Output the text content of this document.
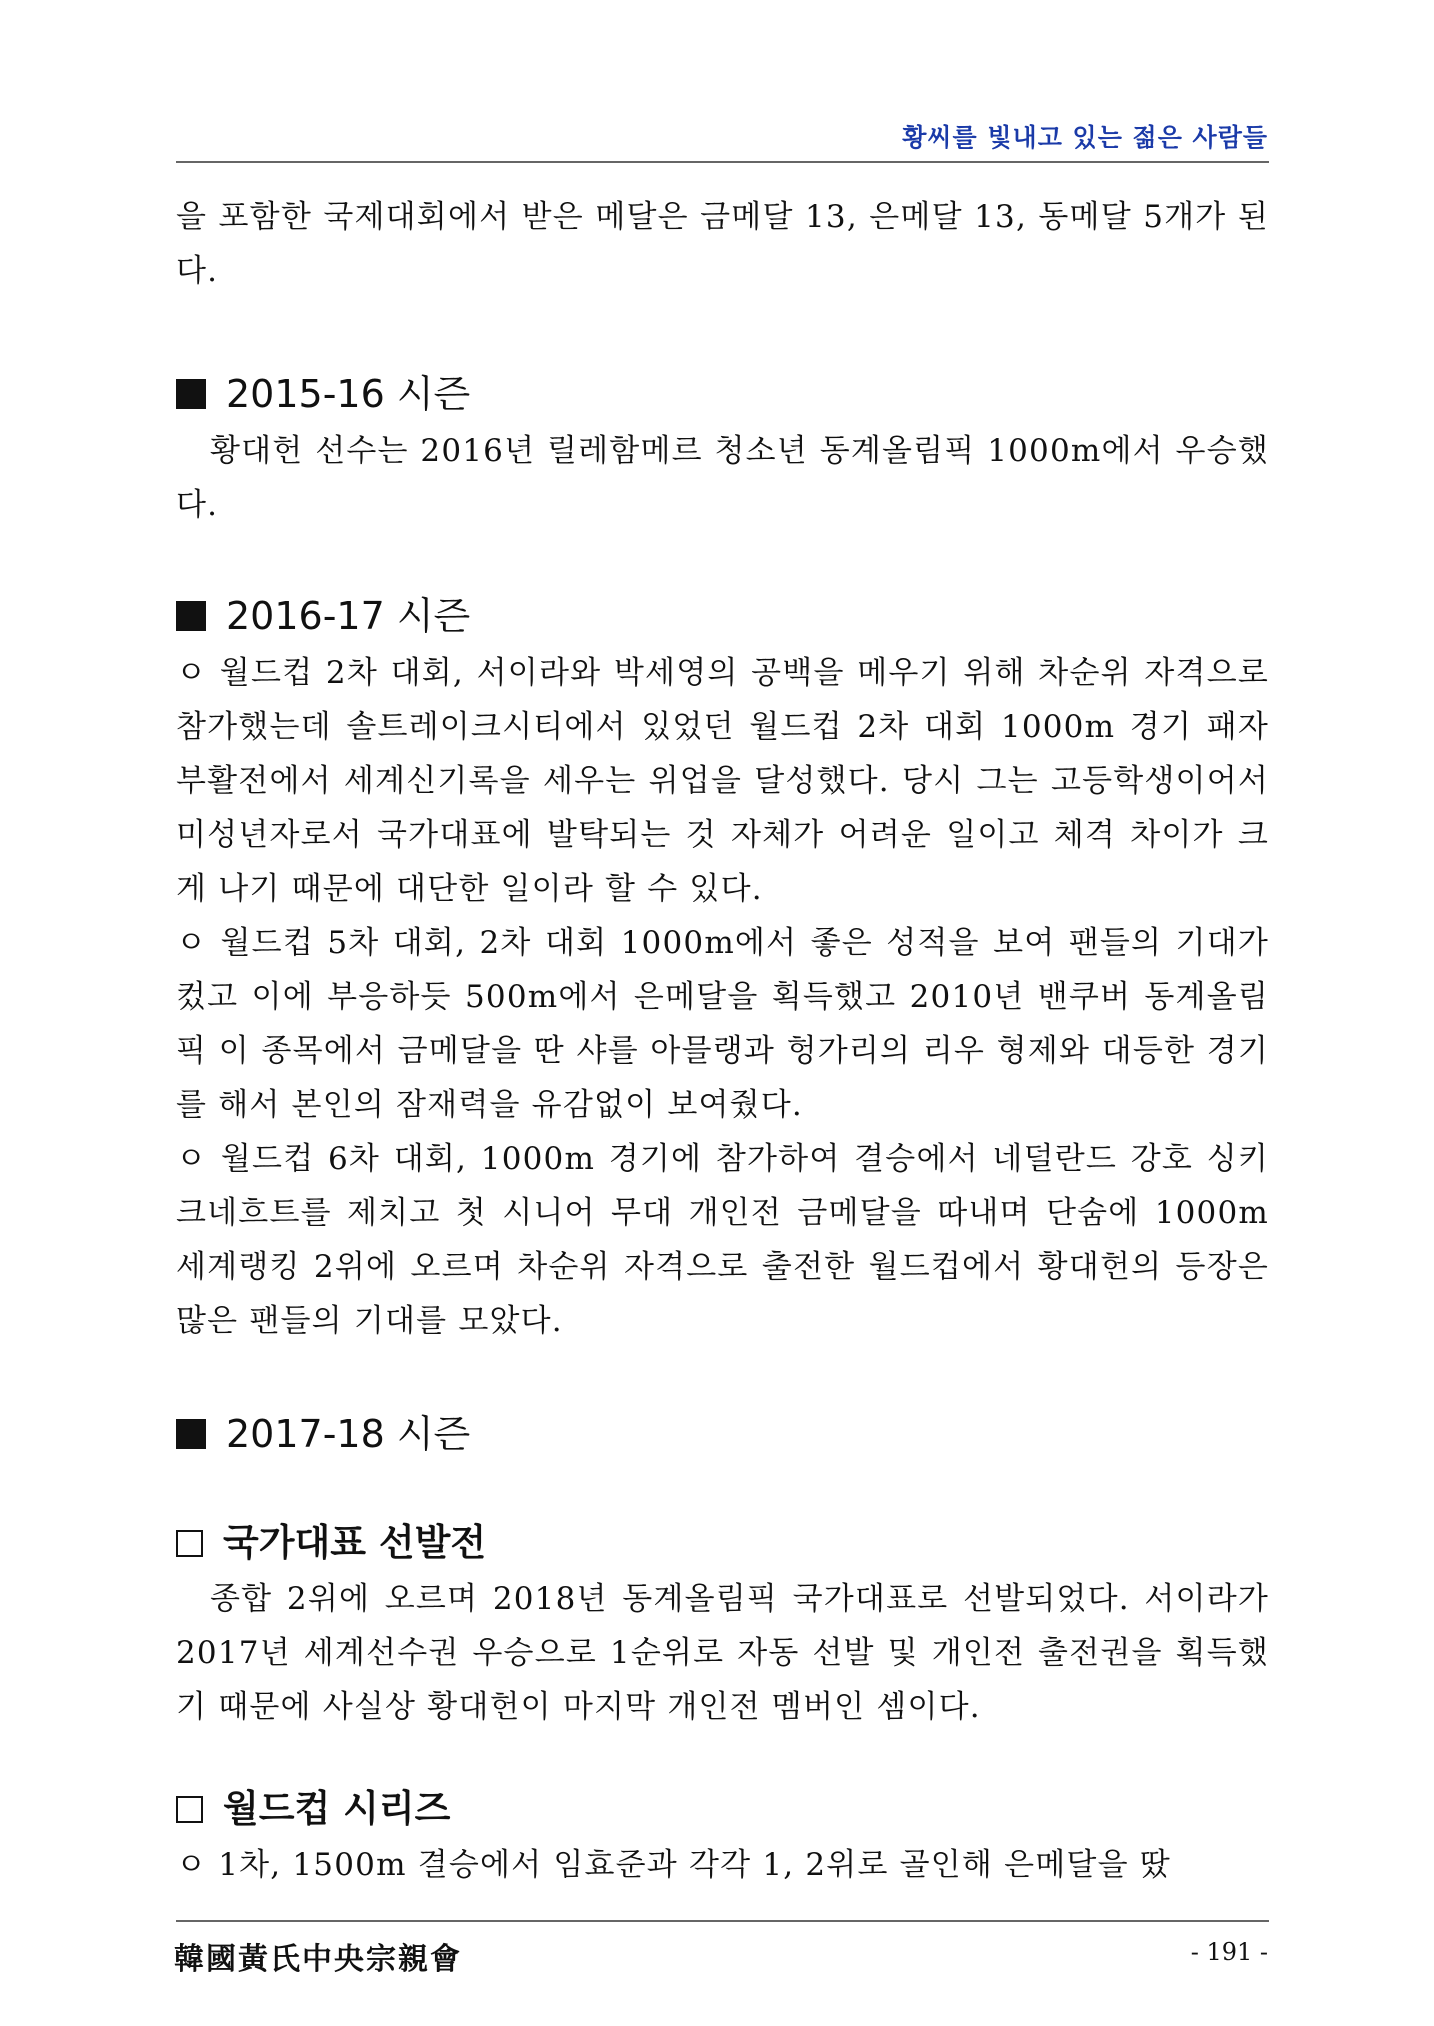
황씨를 빛내고 있는 젊은 사람들

을 포함한 국제대회에서 받은 메달은 금메달 13, 은메달 13, 동메달 5개가 된다.

2015-16 시즌

황대헌 선수는 2016년 릴레함메르 청소년 동계올림픽 1000m에서 우승했다.

2016-17 시즌

ㅇ 월드컵 2차 대회, 서이라와 박세영의 공백을 메우기 위해 차순위 자격으로 참가했는데 솔트레이크시티에서 있었던 월드컵 2차 대회 1000m 경기 패자부활전에서 세계신기록을 세우는 위업을 달성했다. 당시 그는 고등학생이어서 미성년자로서 국가대표에 발탁되는 것 자체가 어려운 일이고 체격 차이가 크게 나기 때문에 대단한 일이라 할 수 있다.

ㅇ 월드컵 5차 대회, 2차 대회 1000m에서 좋은 성적을 보여 팬들의 기대가 컸고 이에 부응하듯 500m에서 은메달을 획득했고 2010년 밴쿠버 동계올림픽 이 종목에서 금메달을 딴 샤를 아믈랭과 헝가리의 리우 형제와 대등한 경기를 해서 본인의 잠재력을 유감없이 보여줬다.

ㅇ 월드컵 6차 대회, 1000m 경기에 참가하여 결승에서 네덜란드 강호 싱키 크네흐트를 제치고 첫 시니어 무대 개인전 금메달을 따내며 단숨에 1000m 세계랭킹 2위에 오르며 차순위 자격으로 출전한 월드컵에서 황대헌의 등장은 많은 팬들의 기대를 모았다.

2017-18 시즌
국가대표 선발전

종합 2위에 오르며 2018년 동계올림픽 국가대표로 선발되었다. 서이라가 2017년 세계선수권 우승으로 1순위로 자동 선발 및 개인전 출전권을 획득했기 때문에 사실상 황대헌이 마지막 개인전 멤버인 셈이다.

월드컵 시리즈

ㅇ 1차, 1500m 결승에서 임효준과 각각 1, 2위로 골인해 은메달을 땄

韓國黃氏中央宗親會	- 191 -
